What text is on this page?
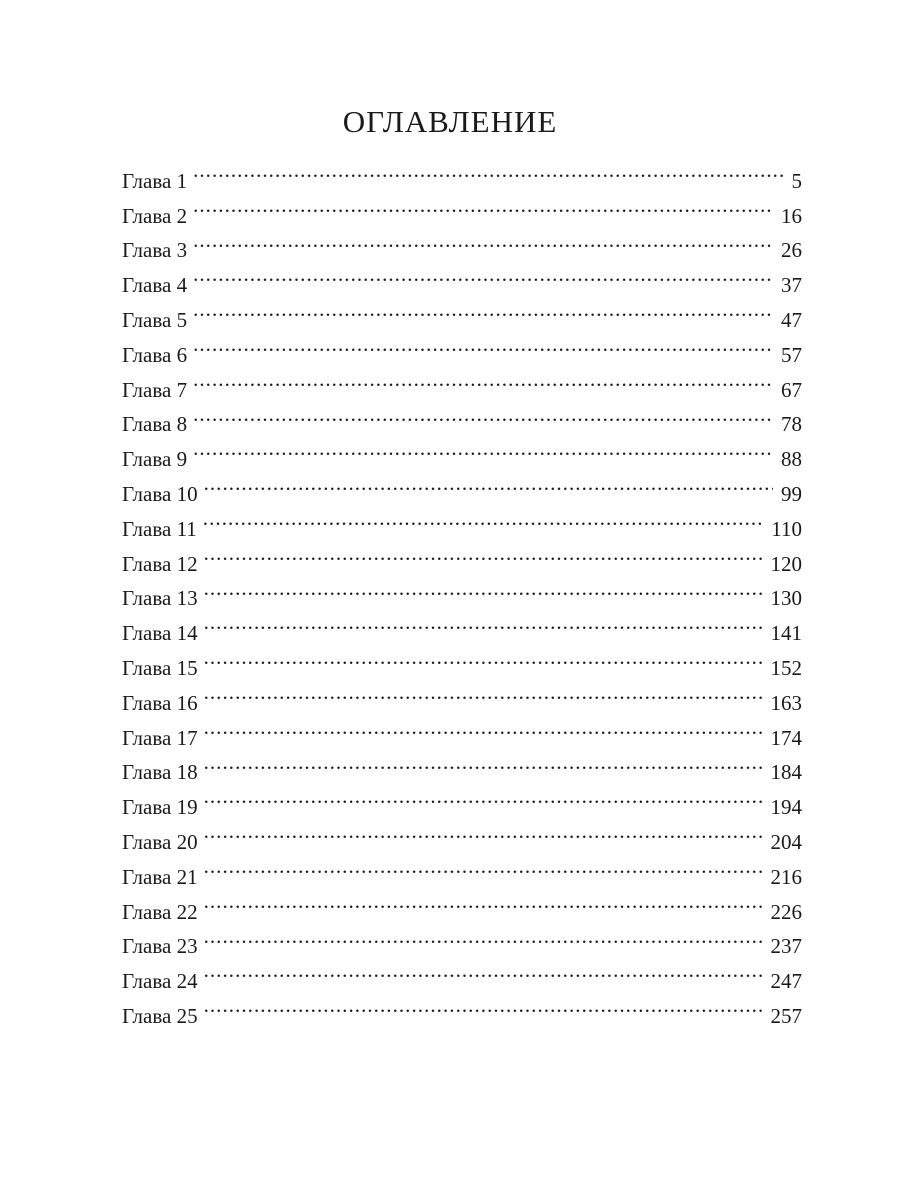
ОГЛАВЛЕНИЕ
Глава 1 . . .	5
Глава 2 . . .	16
Глава 3 . . .	26
Глава 4 . . .	37
Глава 5 . . .	47
Глава 6 . . .	57
Глава 7 . . .	67
Глава 8 . . .	78
Глава 9 . . .	88
Глава 10 . . .	99
Глава 11 . . .	110
Глава 12 . . .	120
Глава 13 . . .	130
Глава 14 . . .	141
Глава 15 . . .	152
Глава 16 . . .	163
Глава 17 . . .	174
Глава 18 . . .	184
Глава 19 . . .	194
Глава 20 . . .	204
Глава 21 . . .	216
Глава 22 . . .	226
Глава 23 . . .	237
Глава 24 . . .	247
Глава 25 . . .	257
